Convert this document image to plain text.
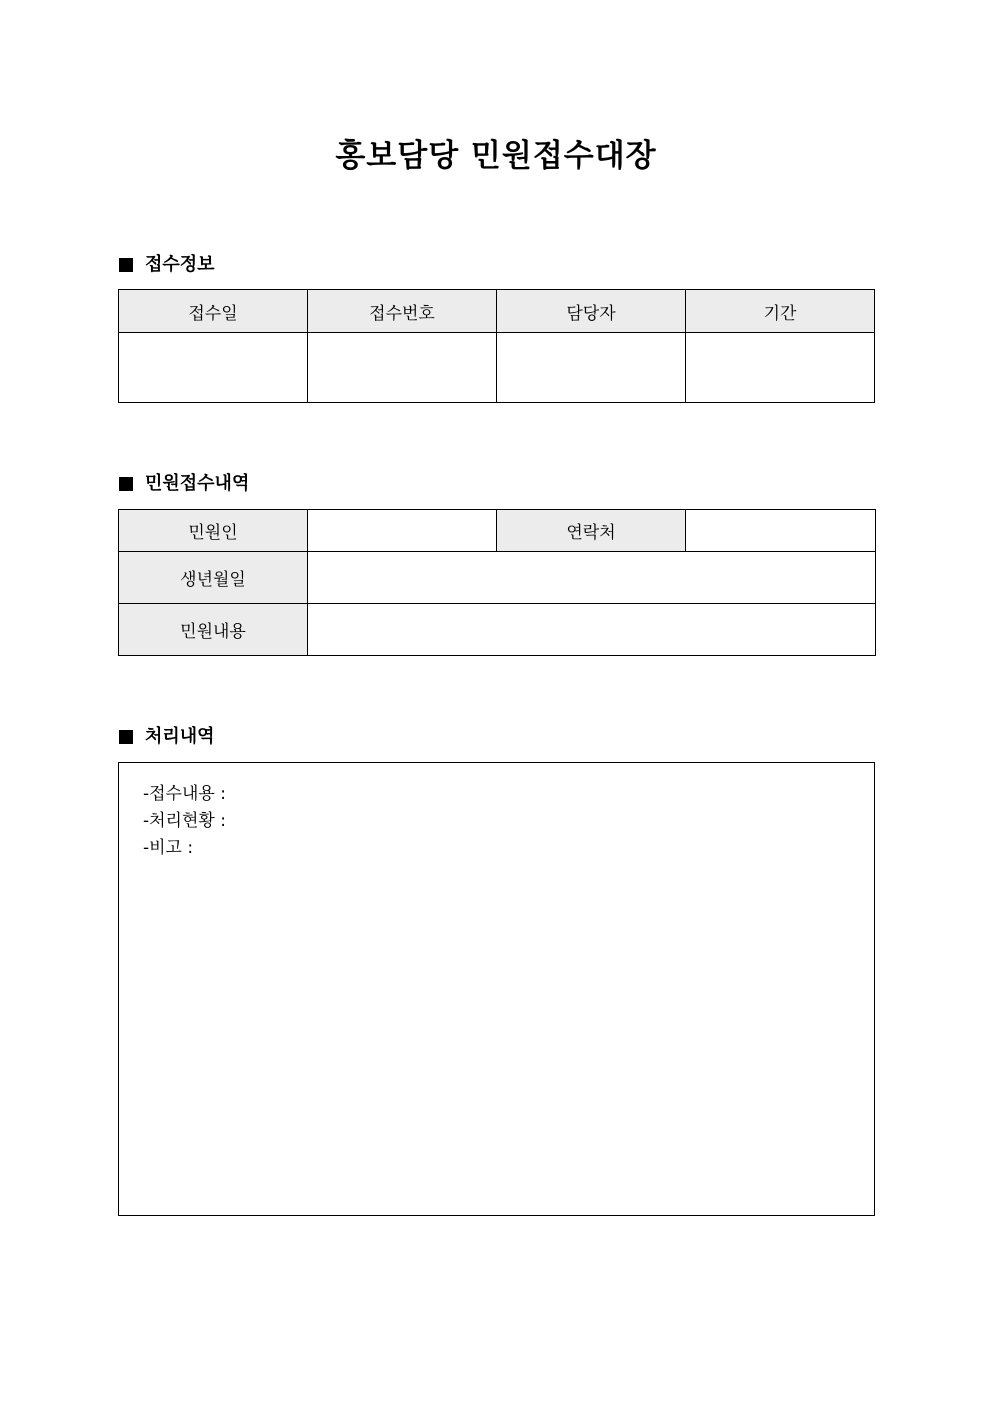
홍보담당 민원접수대장
접수정보
접수일	접수번호	담당자	기간

민원접수내역
민원인		연락처	
생년월일			
민원내용			
처리내역
-접수내용 :
-처리현황 :
-비고 :
